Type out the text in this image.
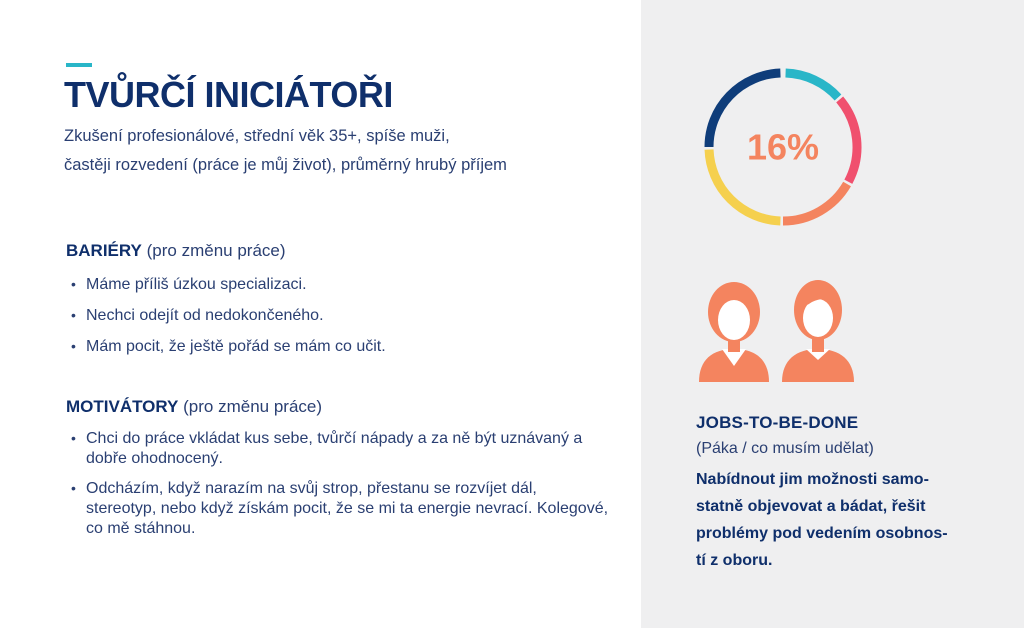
TVŮRČÍ INICIÁTOŘI
Zkušení profesionálové, střední věk 35+, spíše muži,
častěji rozvedení (práce je můj život), průměrný hrubý příjem
BARIÉRY (pro změnu práce)
• Máme příliš úzkou specializaci.
• Nechci odejít od nedokončeného.
• Mám pocit, že ještě pořád se mám co učit.
MOTIVÁTORY (pro změnu práce)
• Chci do práce vkládat kus sebe, tvůrčí nápady a za ně být uznávaný a dobře ohodnocený.
• Odcházím, když narazím na svůj strop, přestanu se rozvíjet dál, stereotyp, nebo když získám pocit, že se mi ta energie nevrací. Kolegové, co mě stáhnou.
16%
JOBS-TO-BE-DONE
(Páka / co musím udělat)
Nabídnout jim možnosti samo-
statně objevovat a bádat, řešit
problémy pod vedením osobnos-
tí z oboru.
